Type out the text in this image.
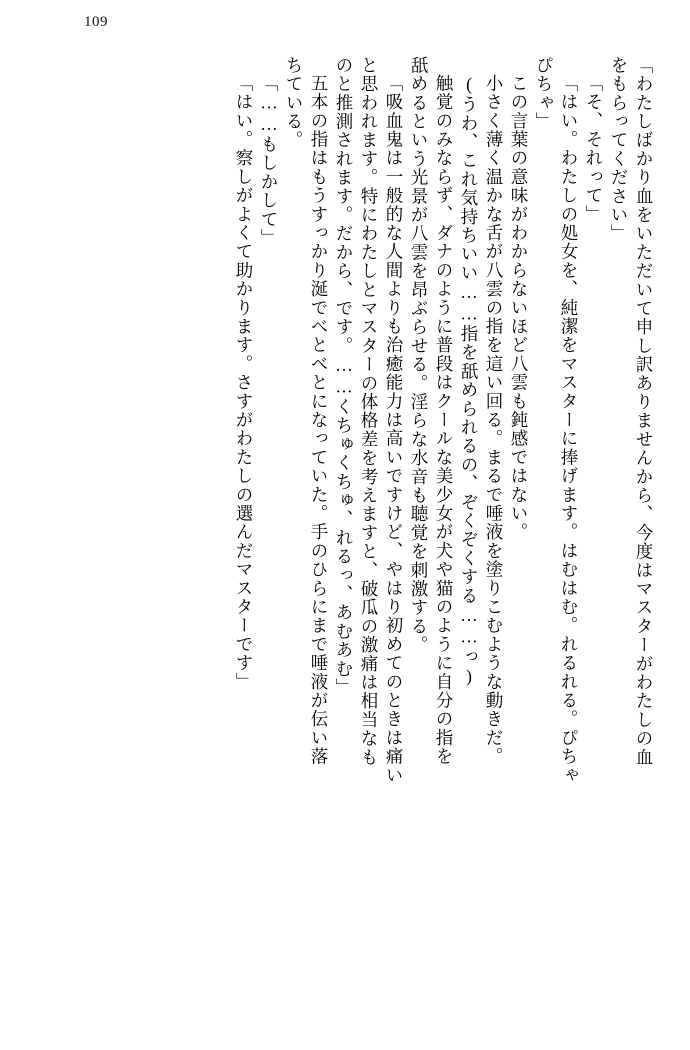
109
「わたしばかり血をいただいて申し訳ありませんから、今度はマスターがわたしの血
をもらってください」
「そ、それって」
「はい。わたしの処女を、純潔をマスターに捧げます。はむはむ。れるれる。ぴちゃ
ぴちゃ」
この言葉の意味がわからないほど八雲も鈍感ではない。
小さく薄く温かな舌が八雲の指を這い回る。まるで唾液を塗りこむような動きだ。
(うわ、これ気持ちいい……指を舐められるの、ぞくぞくする……っ)
触覚のみならず、ダナのように普段はクールな美少女が犬や猫のように自分の指を
舐めるという光景が八雲を昂ぶらせる。淫らな水音も聴覚を刺激する。
「吸血鬼は一般的な人間よりも治癒能力は高いですけど、やはり初めてのときは痛い
と思われます。特にわたしとマスターの体格差を考えますと、破瓜の激痛は相当なも
のと推測されます。だから、です。……くちゅくちゅ、れるっ、あむあむ」
五本の指はもうすっかり涎でべとべとになっていた。手のひらにまで唾液が伝い落
ちている。
「……もしかして」
「はい。察しがよくて助かります。さすがわたしの選んだマスターです」
